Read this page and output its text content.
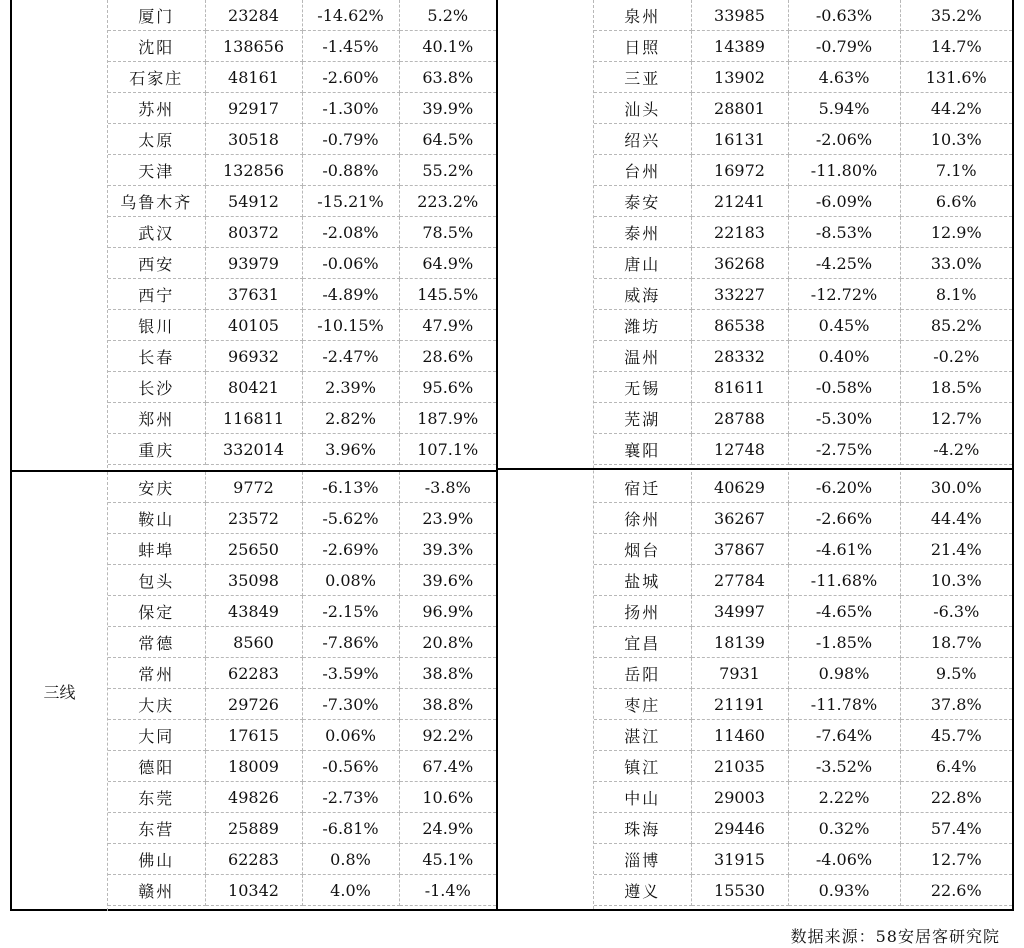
厦门	23284	-14.62%	5.2%
沈阳	138656	-1.45%	40.1%
石家庄	48161	-2.60%	63.8%
苏州	92917	-1.30%	39.9%
太原	30518	-0.79%	64.5%
天津	132856	-0.88%	55.2%
乌鲁木齐	54912	-15.21%	223.2%
武汉	80372	-2.08%	78.5%
西安	93979	-0.06%	64.9%
西宁	37631	-4.89%	145.5%
银川	40105	-10.15%	47.9%
长春	96932	-2.47%	28.6%
长沙	80421	2.39%	95.6%
郑州	116811	2.82%	187.9%
重庆	332014	3.96%	107.1%
三线
安庆	9772	-6.13%	-3.8%
鞍山	23572	-5.62%	23.9%
蚌埠	25650	-2.69%	39.3%
包头	35098	0.08%	39.6%
保定	43849	-2.15%	96.9%
常德	8560	-7.86%	20.8%
常州	62283	-3.59%	38.8%
大庆	29726	-7.30%	38.8%
大同	17615	0.06%	92.2%
德阳	18009	-0.56%	67.4%
东莞	49826	-2.73%	10.6%
东营	25889	-6.81%	24.9%
佛山	62283	0.8%	45.1%
赣州	10342	4.0%	-1.4%
泉州	33985	-0.63%	35.2%
日照	14389	-0.79%	14.7%
三亚	13902	4.63%	131.6%
汕头	28801	5.94%	44.2%
绍兴	16131	-2.06%	10.3%
台州	16972	-11.80%	7.1%
泰安	21241	-6.09%	6.6%
泰州	22183	-8.53%	12.9%
唐山	36268	-4.25%	33.0%
威海	33227	-12.72%	8.1%
潍坊	86538	0.45%	85.2%
温州	28332	0.40%	-0.2%
无锡	81611	-0.58%	18.5%
芜湖	28788	-5.30%	12.7%
襄阳	12748	-2.75%	-4.2%
宿迁	40629	-6.20%	30.0%
徐州	36267	-2.66%	44.4%
烟台	37867	-4.61%	21.4%
盐城	27784	-11.68%	10.3%
扬州	34997	-4.65%	-6.3%
宜昌	18139	-1.85%	18.7%
岳阳	7931	0.98%	9.5%
枣庄	21191	-11.78%	37.8%
湛江	11460	-7.64%	45.7%
镇江	21035	-3.52%	6.4%
中山	29003	2.22%	22.8%
珠海	29446	0.32%	57.4%
淄博	31915	-4.06%	12.7%
遵义	15530	0.93%	22.6%
数据来源：58安居客研究院
